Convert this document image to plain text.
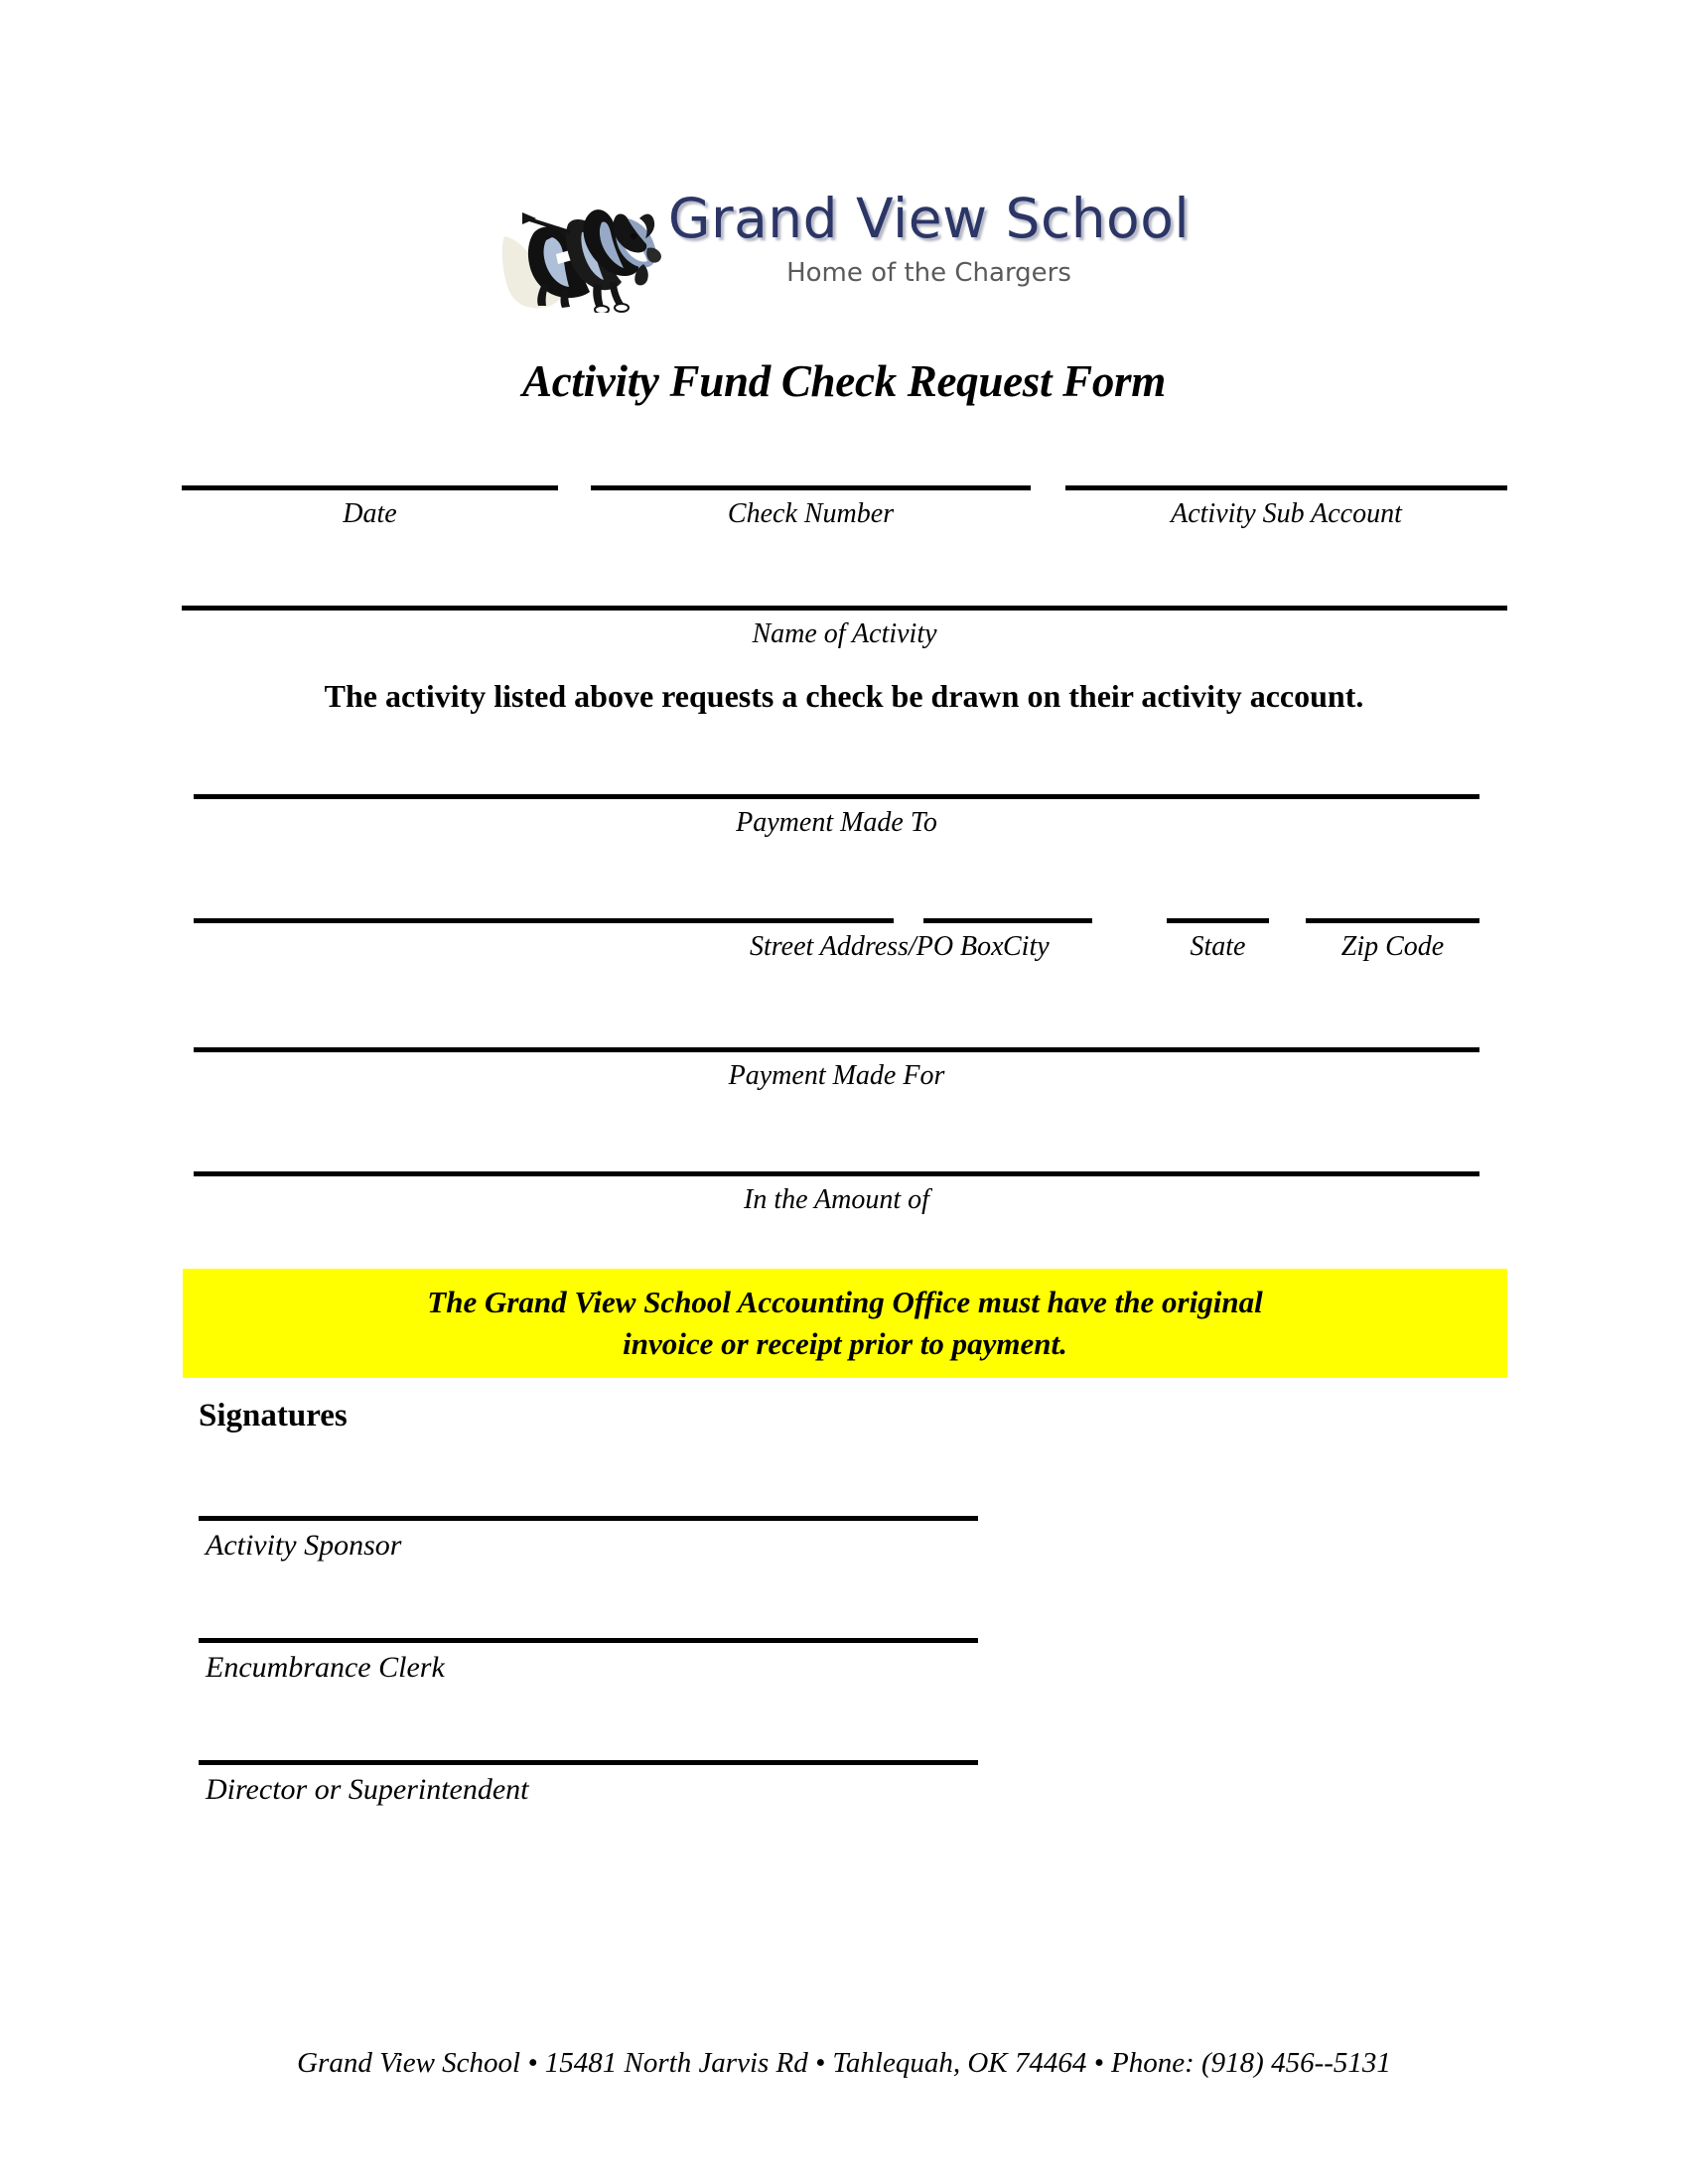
Grand View School
Home of the Chargers
Activity Fund Check Request Form
Date	Check Number	Activity Sub Account
Name of Activity
The activity listed above requests a check be drawn on their activity account.
Payment Made To
Street Address/PO Box City	State	Zip Code
Payment Made For
In the Amount of
The Grand View School Accounting Office must have the original
invoice or receipt prior to payment.
Signatures
Activity Sponsor
Encumbrance Clerk
Director or Superintendent
Grand View School • 15481 North Jarvis Rd • Tahlequah, OK 74464 • Phone: (918) 456--5131
